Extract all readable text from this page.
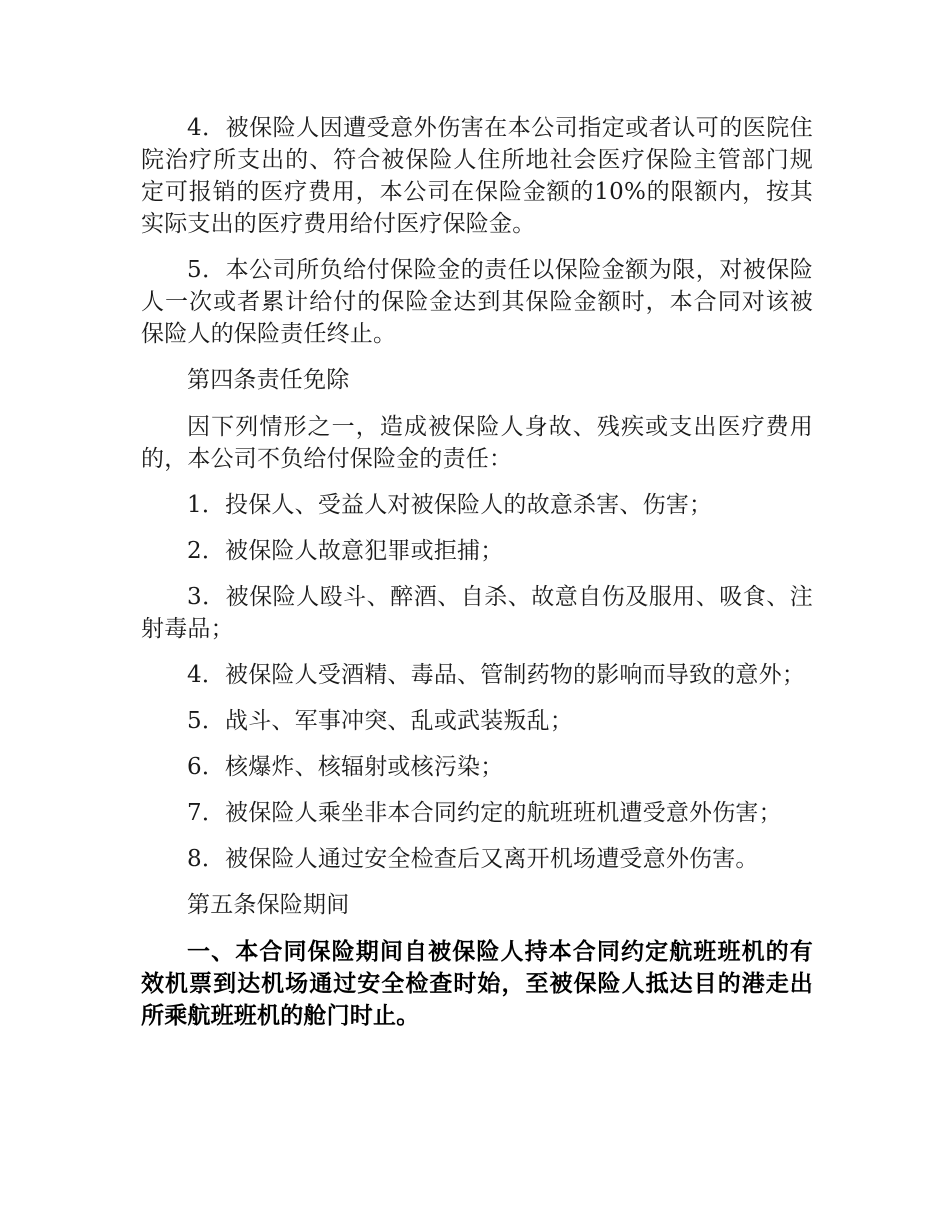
4．被保险人因遭受意外伤害在本公司指定或者认可的医院住院治疗所支出的、符合被保险人住所地社会医疗保险主管部门规定可报销的医疗费用，本公司在保险金额的10%的限额内，按其实际支出的医疗费用给付医疗保险金。

5．本公司所负给付保险金的责任以保险金额为限，对被保险人一次或者累计给付的保险金达到其保险金额时，本合同对该被保险人的保险责任终止。

第四条责任免除

因下列情形之一，造成被保险人身故、残疾或支出医疗费用的，本公司不负给付保险金的责任：

1．投保人、受益人对被保险人的故意杀害、伤害；

2．被保险人故意犯罪或拒捕；

3．被保险人殴斗、醉酒、自杀、故意自伤及服用、吸食、注射毒品；

4．被保险人受酒精、毒品、管制药物的影响而导致的意外；

5．战斗、军事冲突、乱或武装叛乱；

6．核爆炸、核辐射或核污染；

7．被保险人乘坐非本合同约定的航班班机遭受意外伤害；

8．被保险人通过安全检查后又离开机场遭受意外伤害。

第五条保险期间

一、本合同保险期间自被保险人持本合同约定航班班机的有效机票到达机场通过安全检查时始，至被保险人抵达目的港走出所乘航班班机的舱门时止。
